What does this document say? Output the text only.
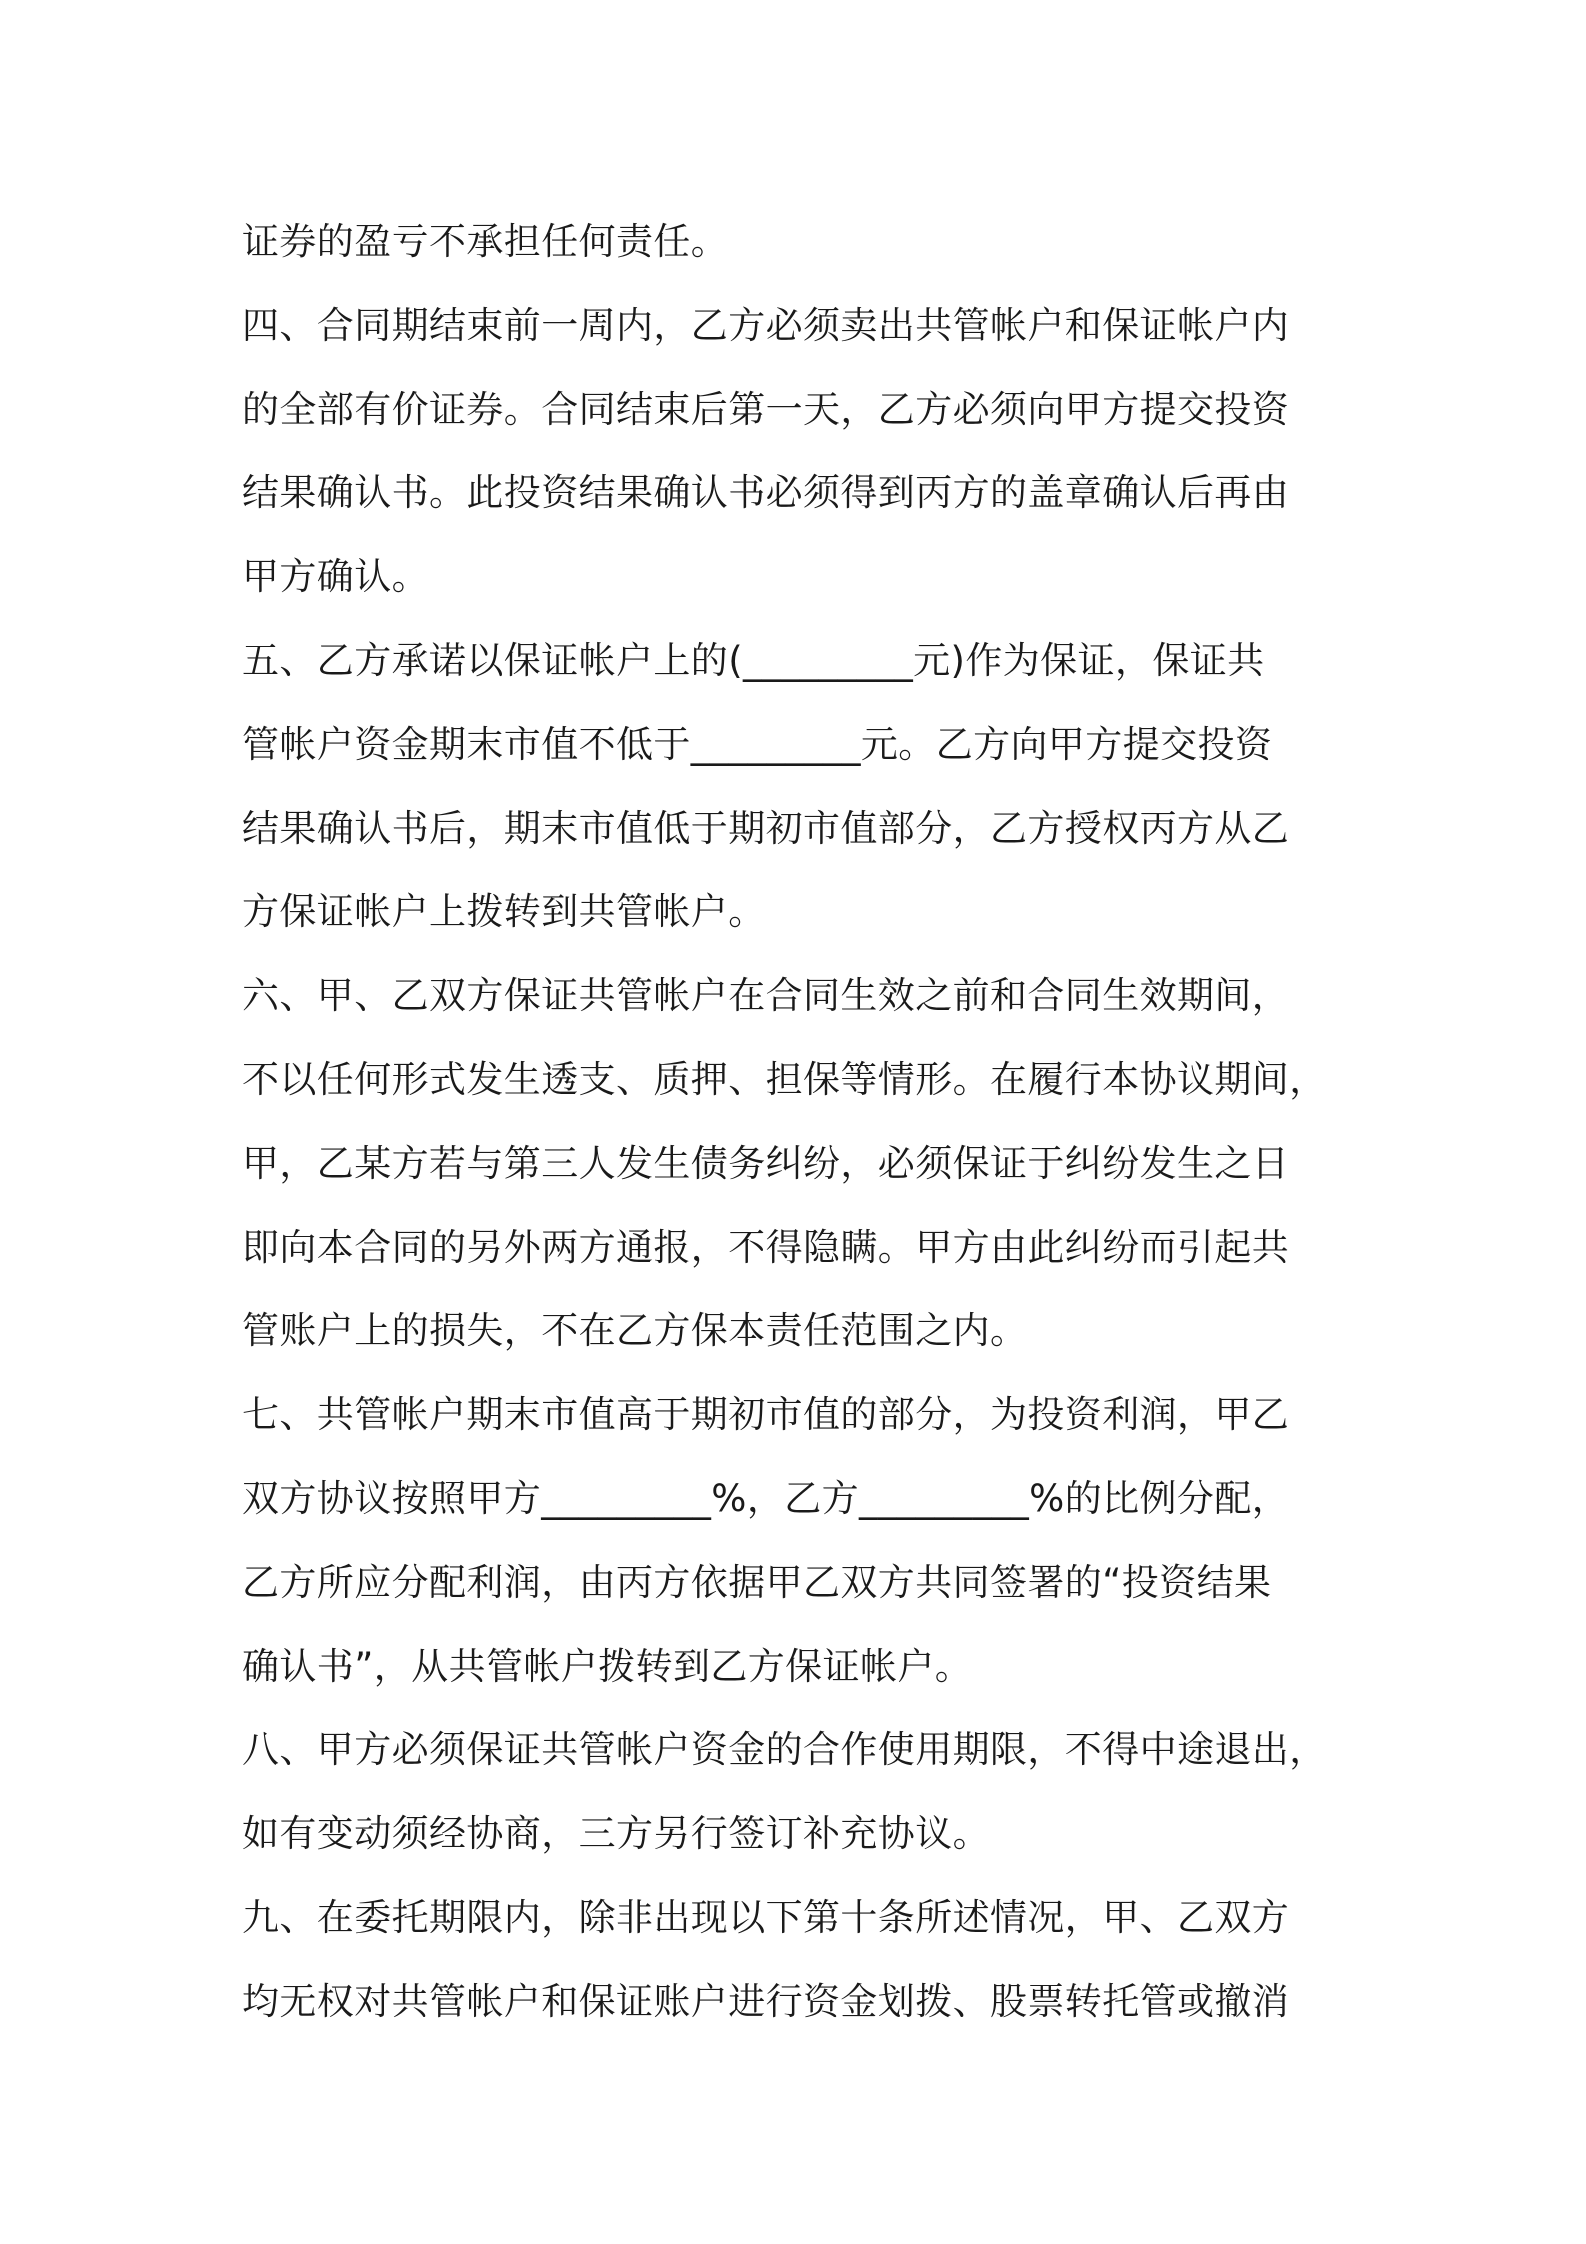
证券的盈亏不承担任何责任。
四、合同期结束前一周内，乙方必须卖出共管帐户和保证帐户内
的全部有价证券。合同结束后第一天，乙方必须向甲方提交投资
结果确认书。此投资结果确认书必须得到丙方的盖章确认后再由
甲方确认。
五、乙方承诺以保证帐户上的(_________元)作为保证，保证共
管帐户资金期末市值不低于_________元。乙方向甲方提交投资
结果确认书后，期末市值低于期初市值部分，乙方授权丙方从乙
方保证帐户上拨转到共管帐户。
六、甲、乙双方保证共管帐户在合同生效之前和合同生效期间，
不以任何形式发生透支、质押、担保等情形。在履行本协议期间，
甲，乙某方若与第三人发生债务纠纷，必须保证于纠纷发生之日
即向本合同的另外两方通报，不得隐瞒。甲方由此纠纷而引起共
管账户上的损失，不在乙方保本责任范围之内。
七、共管帐户期末市值高于期初市值的部分，为投资利润，甲乙
双方协议按照甲方_________%，乙方_________%的比例分配，
乙方所应分配利润，由丙方依据甲乙双方共同签署的“投资结果
确认书”，从共管帐户拨转到乙方保证帐户。
八、甲方必须保证共管帐户资金的合作使用期限，不得中途退出，
如有变动须经协商，三方另行签订补充协议。
九、在委托期限内，除非出现以下第十条所述情况，甲、乙双方
均无权对共管帐户和保证账户进行资金划拨、股票转托管或撤消
